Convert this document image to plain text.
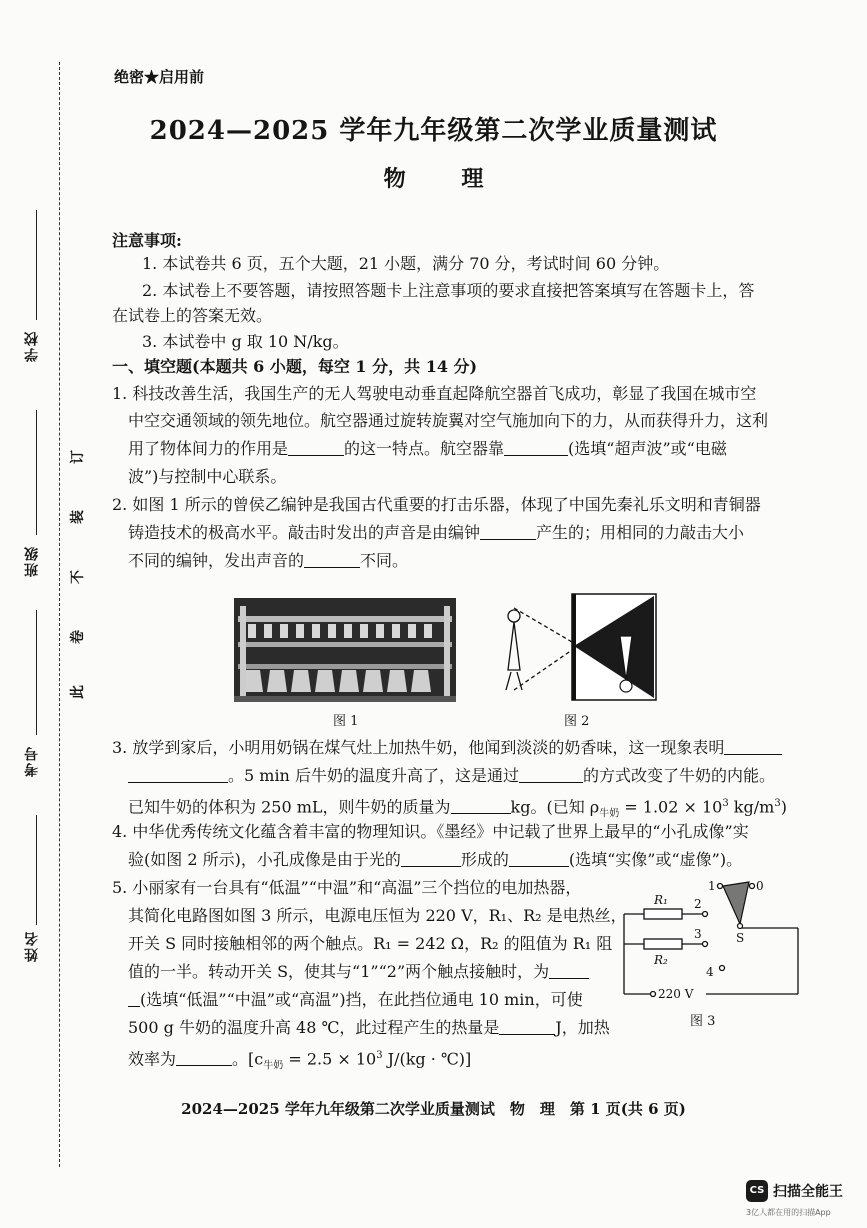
学校
班级
考号
姓名
订
装
不
卷
此
绝密★启用前
2024—2025 学年九年级第二次学业质量测试
物 理
注意事项:
1. 本试卷共 6 页，五个大题，21 小题，满分 70 分，考试时间 60 分钟。
2. 本试卷上不要答题，请按照答题卡上注意事项的要求直接把答案填写在答题卡上，答
在试卷上的答案无效。
3. 本试卷中 g 取 10 N/kg。
一、填空题(本题共 6 小题，每空 1 分，共 14 分)
1. 科技改善生活，我国生产的无人驾驶电动垂直起降航空器首飞成功，彰显了我国在城市空
中空交通领域的领先地位。航空器通过旋转旋翼对空气施加向下的力，从而获得升力，这利
用了物体间力的作用是	的这一特点。航空器靠	(选填“超声波”或“电磁
波”)与控制中心联系。
2. 如图 1 所示的曾侯乙编钟是我国古代重要的打击乐器，体现了中国先秦礼乐文明和青铜器
铸造技术的极高水平。敲击时发出的声音是由编钟	产生的；用相同的力敲击大小
不同的编钟，发出声音的	不同。
图 1	图 2
3. 放学到家后，小明用奶锅在煤气灶上加热牛奶，他闻到淡淡的奶香味，这一现象表明
。5 min 后牛奶的温度升高了，这是通过	的方式改变了牛奶的内能。
已知牛奶的体积为 250 mL，则牛奶的质量为	kg。(已知 $\rho_{牛奶} = 1.02 \times 10^3$ $kg/m^3$)
4. 中华优秀传统文化蕴含着丰富的物理知识。《墨经》中记载了世界上最早的“小孔成像”实
验(如图 2 所示)，小孔成像是由于光的	形成的	(选填“实像”或“虚像”)。
5. 小丽家有一台具有“低温”“中温”和“高温”三个挡位的电加热器，
其简化电路图如图 3 所示，电源电压恒为 220 V，R₁、R₂ 是电热丝，
开关 S 同时接触相邻的两个触点。R₁ = 242 Ω，R₂ 的阻值为 R₁ 阻
值的一半。转动开关 S，使其与“1”“2”两个触点接触时，为
(选填“低温”“中温”或“高温”)挡，在此挡位通电 10 min，可使
500 g 牛奶的温度升高 48 ℃，此过程产生的热量是	J，加热
效率为	。[$c_{牛奶} = 2.5 \times 10^3$ J/(kg · ℃)]
R₁
R₂
1
2
3
4
0
S
220 V
图 3
2024—2025 学年九年级第二次学业质量测试　物　理　第 1 页(共 6 页)
CS 扫描全能王
3亿人都在用的扫描App
